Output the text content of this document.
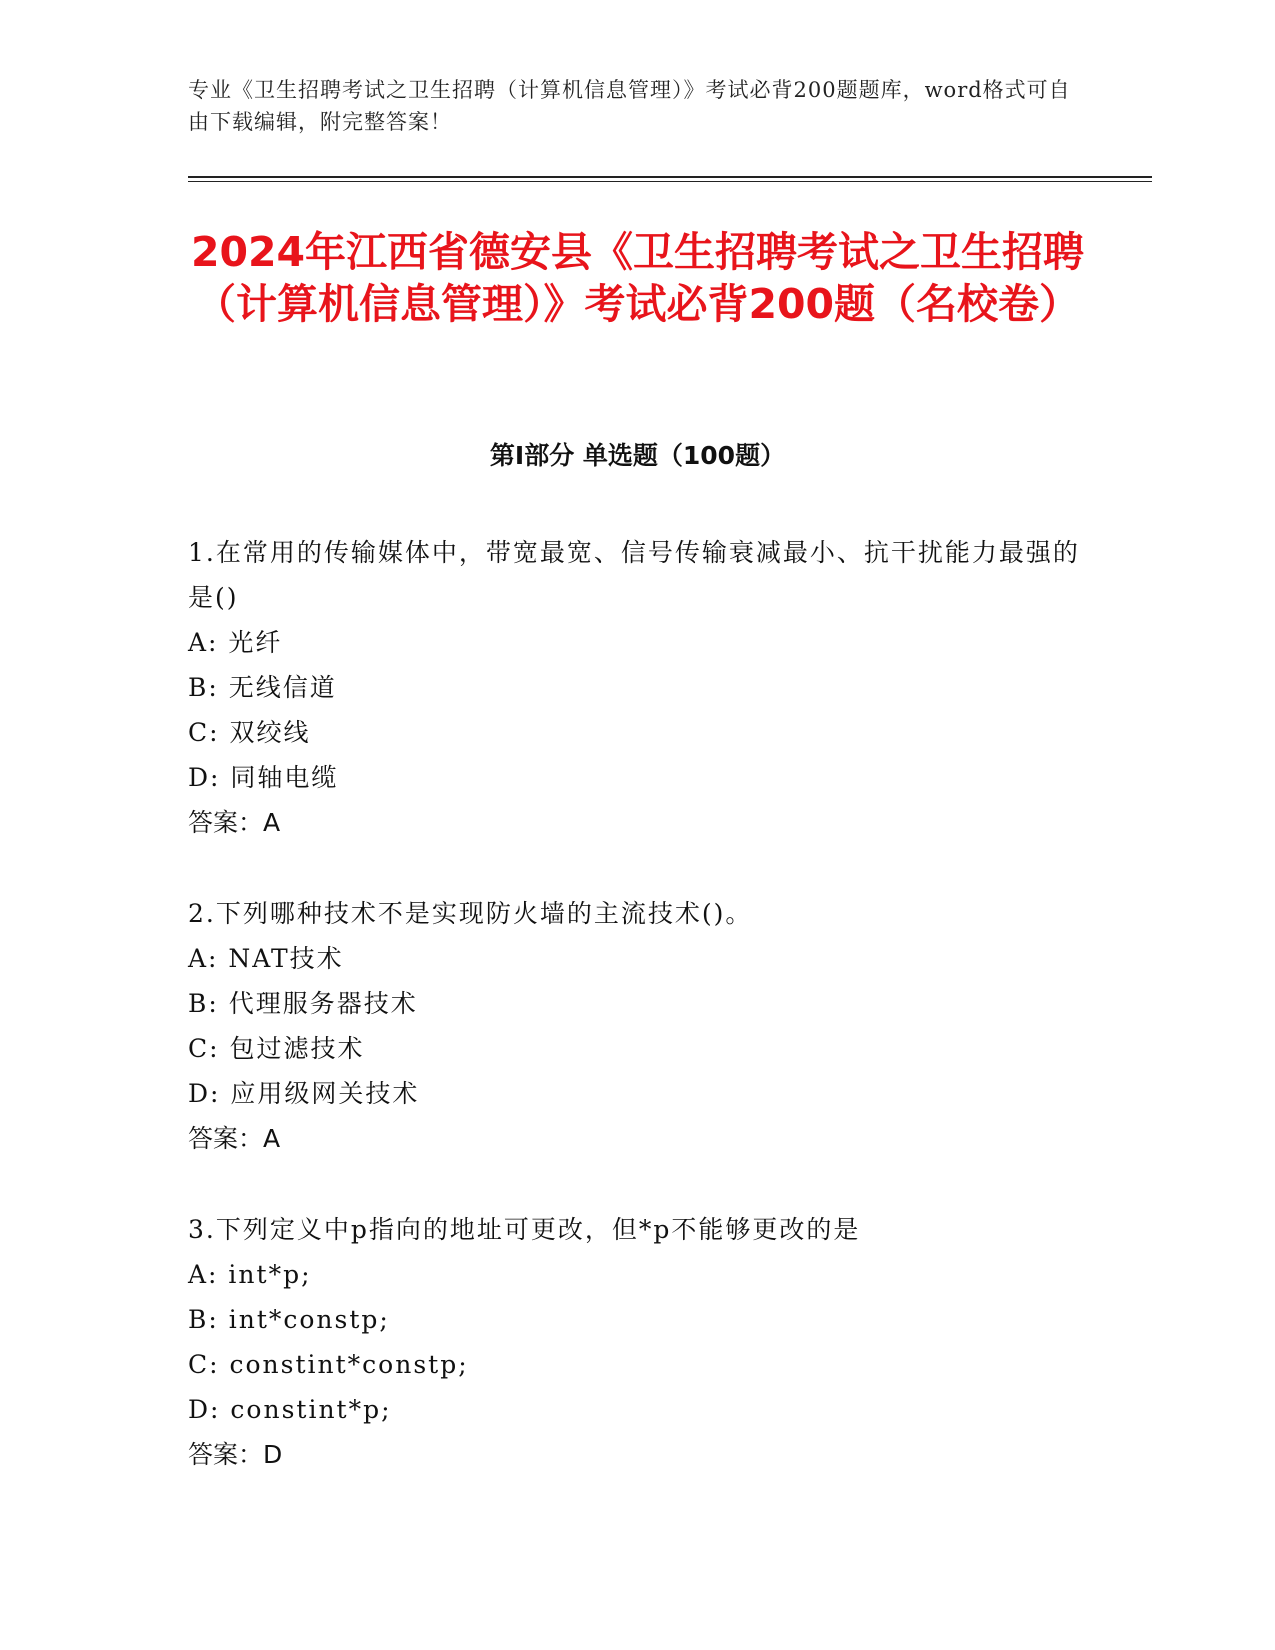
专业《卫生招聘考试之卫生招聘（计算机信息管理）》考试必背200题题库，word格式可自由下载编辑，附完整答案！
2024年江西省德安县《卫生招聘考试之卫生招聘（计算机信息管理）》考试必背200题（名校卷）
第I部分 单选题（100题）
1.在常用的传输媒体中，带宽最宽、信号传输衰减最小、抗干扰能力最强的是()
A: 光纤
B: 无线信道
C: 双绞线
D: 同轴电缆
答案：A
2.下列哪种技术不是实现防火墙的主流技术()。
A: NAT技术
B: 代理服务器技术
C: 包过滤技术
D: 应用级网关技术
答案：A
3.下列定义中p指向的地址可更改，但*p不能够更改的是
A: int*p;
B: int*constp;
C: constint*constp;
D: constint*p;
答案：D
